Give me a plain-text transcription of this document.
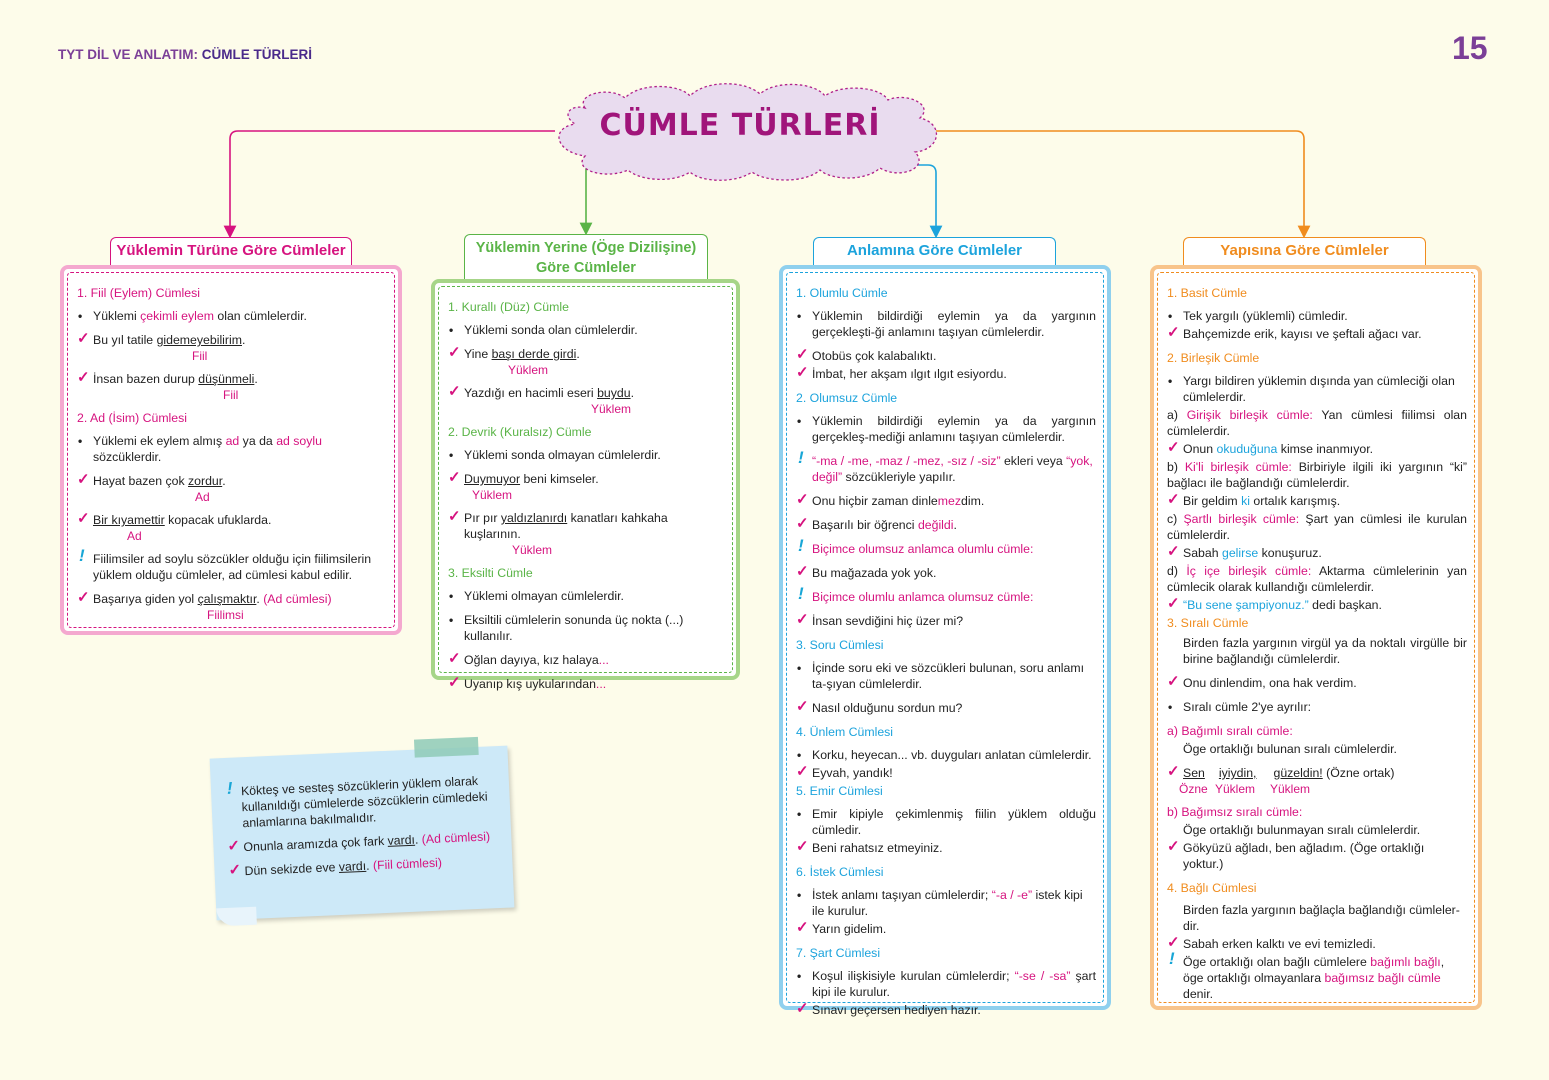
TYT DİL VE ANLATIM: CÜMLE TÜRLERİ	15
CÜMLE TÜRLERİ
Yüklemin Türüne Göre Cümleler
1. Fiil (Eylem) Cümlesi
• Yüklemi çekimli eylem olan cümlelerdir.
✓ Bu yıl tatile gidemeyebilirim.
Fiil
✓ İnsan bazen durup düşünmeli.
Fiil
2. Ad (İsim) Cümlesi
• Yüklemi ek eylem almış ad ya da ad soylu sözcüklerdir.
✓ Hayat bazen çok zordur.
Ad
✓ Bir kıyamettir kopacak ufuklarda.
Ad
! Fiilimsiler ad soylu sözcükler olduğu için fiilimsilerin yüklem olduğu cümleler, ad cümlesi kabul edilir.
✓ Başarıya giden yol çalışmaktır. (Ad cümlesi)
Fiilimsi
Yüklemin Yerine (Öge Dizilişine)
Göre Cümleler
1. Kurallı (Düz) Cümle
• Yüklemi sonda olan cümlelerdir.
✓ Yine başı derde girdi.
Yüklem
✓ Yazdığı en hacimli eseri buydu.
Yüklem
2. Devrik (Kuralsız) Cümle
• Yüklemi sonda olmayan cümlelerdir.
✓ Duymuyor beni kimseler.
Yüklem
✓ Pır pır yaldızlanırdı kanatları kahkaha kuşlarının.
Yüklem
3. Eksilti Cümle
• Yüklemi olmayan cümlelerdir.
• Eksiltili cümlelerin sonunda üç nokta (...) kullanılır.
✓ Oğlan dayıya, kız halaya...
✓ Uyanıp kış uykularından...
Anlamına Göre Cümleler
1. Olumlu Cümle
• Yüklemin bildirdiği eylemin ya da yargının gerçekleşti-ği anlamını taşıyan cümlelerdir.
✓ Otobüs çok kalabalıktı.
✓ İmbat, her akşam ılgıt ılgıt esiyordu.
2. Olumsuz Cümle
• Yüklemin bildirdiği eylemin ya da yargının gerçekleş-mediği anlamını taşıyan cümlelerdir.
! “-ma / -me, -maz / -mez, -sız / -siz” ekleri veya “yok, değil” sözcükleriyle yapılır.
✓ Onu hiçbir zaman dinlemezdim.
✓ Başarılı bir öğrenci değildi.
! Biçimce olumsuz anlamca olumlu cümle:
✓ Bu mağazada yok yok.
! Biçimce olumlu anlamca olumsuz cümle:
✓ İnsan sevdiğini hiç üzer mi?
3. Soru Cümlesi
• İçinde soru eki ve sözcükleri bulunan, soru anlamı ta-şıyan cümlelerdir.
✓ Nasıl olduğunu sordun mu?
4. Ünlem Cümlesi
• Korku, heyecan... vb. duyguları anlatan cümlelerdir.
✓ Eyvah, yandık!
5. Emir Cümlesi
• Emir kipiyle çekimlenmiş fiilin yüklem olduğu cümledir.
✓ Beni rahatsız etmeyiniz.
6. İstek Cümlesi
• İstek anlamı taşıyan cümlelerdir; “-a / -e” istek kipi ile kurulur.
✓ Yarın gidelim.
7. Şart Cümlesi
• Koşul ilişkisiyle kurulan cümlelerdir; “-se / -sa” şart kipi ile kurulur.
✓ Sınavı geçersen hediyen hazır.
Yapısına Göre Cümleler
1. Basit Cümle
• Tek yargılı (yüklemli) cümledir.
✓ Bahçemizde erik, kayısı ve şeftali ağacı var.
2. Birleşik Cümle
• Yargı bildiren yüklemin dışında yan cümleciği olan cümlelerdir.
a) Girişik birleşik cümle: Yan cümlesi fiilimsi olan cümlelerdir.
✓ Onun okuduğuna kimse inanmıyor.
b) Ki'li birleşik cümle: Birbiriyle ilgili iki yargının “ki” bağlacı ile bağlandığı cümlelerdir.
✓ Bir geldim ki ortalık karışmış.
c) Şartlı birleşik cümle: Şart yan cümlesi ile kurulan cümlelerdir.
✓ Sabah gelirse konuşuruz.
d) İç içe birleşik cümle: Aktarma cümlelerinin yan cümlecik olarak kullandığı cümlelerdir.
✓ “Bu sene şampiyonuz.” dedi başkan.
3. Sıralı Cümle
Birden fazla yargının virgül ya da noktalı virgülle bir birine bağlandığı cümlelerdir.
✓ Onu dinlendim, ona hak verdim.
• Sıralı cümle 2'ye ayrılır:
a) Bağımlı sıralı cümle:
Öge ortaklığı bulunan sıralı cümlelerdir.
✓ Sen iyiydin, güzeldin! (Özne ortak)
Özne Yüklem Yüklem
b) Bağımsız sıralı cümle:
Öge ortaklığı bulunmayan sıralı cümlelerdir.
✓ Gökyüzü ağladı, ben ağladım. (Öge ortaklığı yoktur.)
4. Bağlı Cümlesi
Birden fazla yargının bağlaçla bağlandığı cümleler-dir.
✓ Sabah erken kalktı ve evi temizledi.
! Öge ortaklığı olan bağlı cümlelere bağımlı bağlı, öge ortaklığı olmayanlara bağımsız bağlı cümle denir.
! Kökteş ve sesteş sözcüklerin yüklem olarak kullanıldığı cümlelerde sözcüklerin cümledeki anlamlarına bakılmalıdır.
✓ Onunla aramızda çok fark vardı. (Ad cümlesi)
✓ Dün sekizde eve vardı. (Fiil cümlesi)
